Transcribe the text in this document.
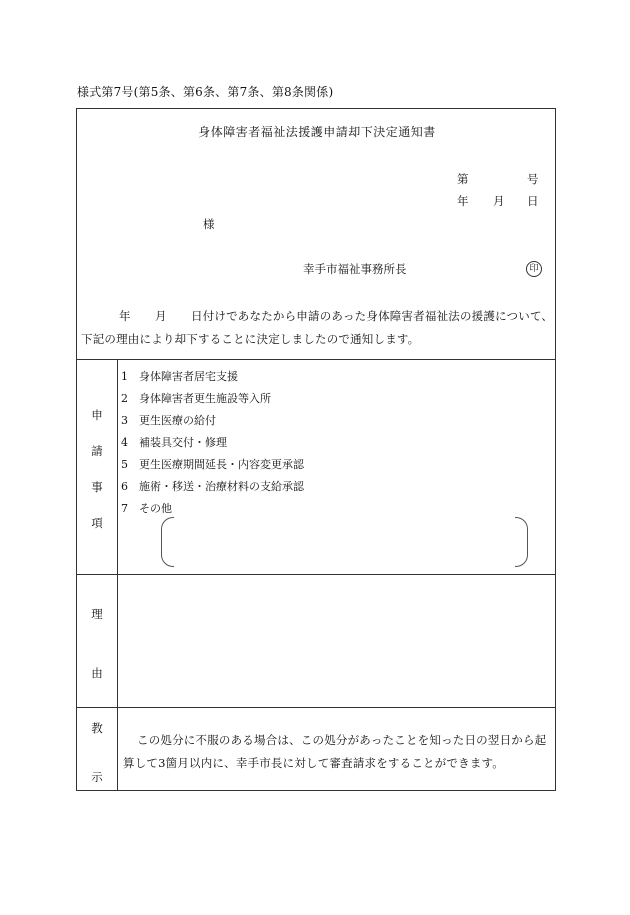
様式第7号(第5条、第6条、第7条、第8条関係)
身体障害者福祉法援護申請却下決定通知書
第	号
年 月 日
様
幸手市福祉事務所長	印
年 月 日付けであなたから申請のあった身体障害者福祉法の援護について、
下記の理由により却下することに決定しましたので通知します。
申
請
事
項
1 身体障害者居宅支援
2 身体障害者更生施設等入所
3 更生医療の給付
4 補装具交付・修理
5 更生医療期間延長・内容変更承認
6 施術・移送・治療材料の支給承認
7 その他
理
由
教
示
この処分に不服のある場合は、この処分があったことを知った日の翌日から起
算して3箇月以内に、幸手市長に対して審査請求をすることができます。
